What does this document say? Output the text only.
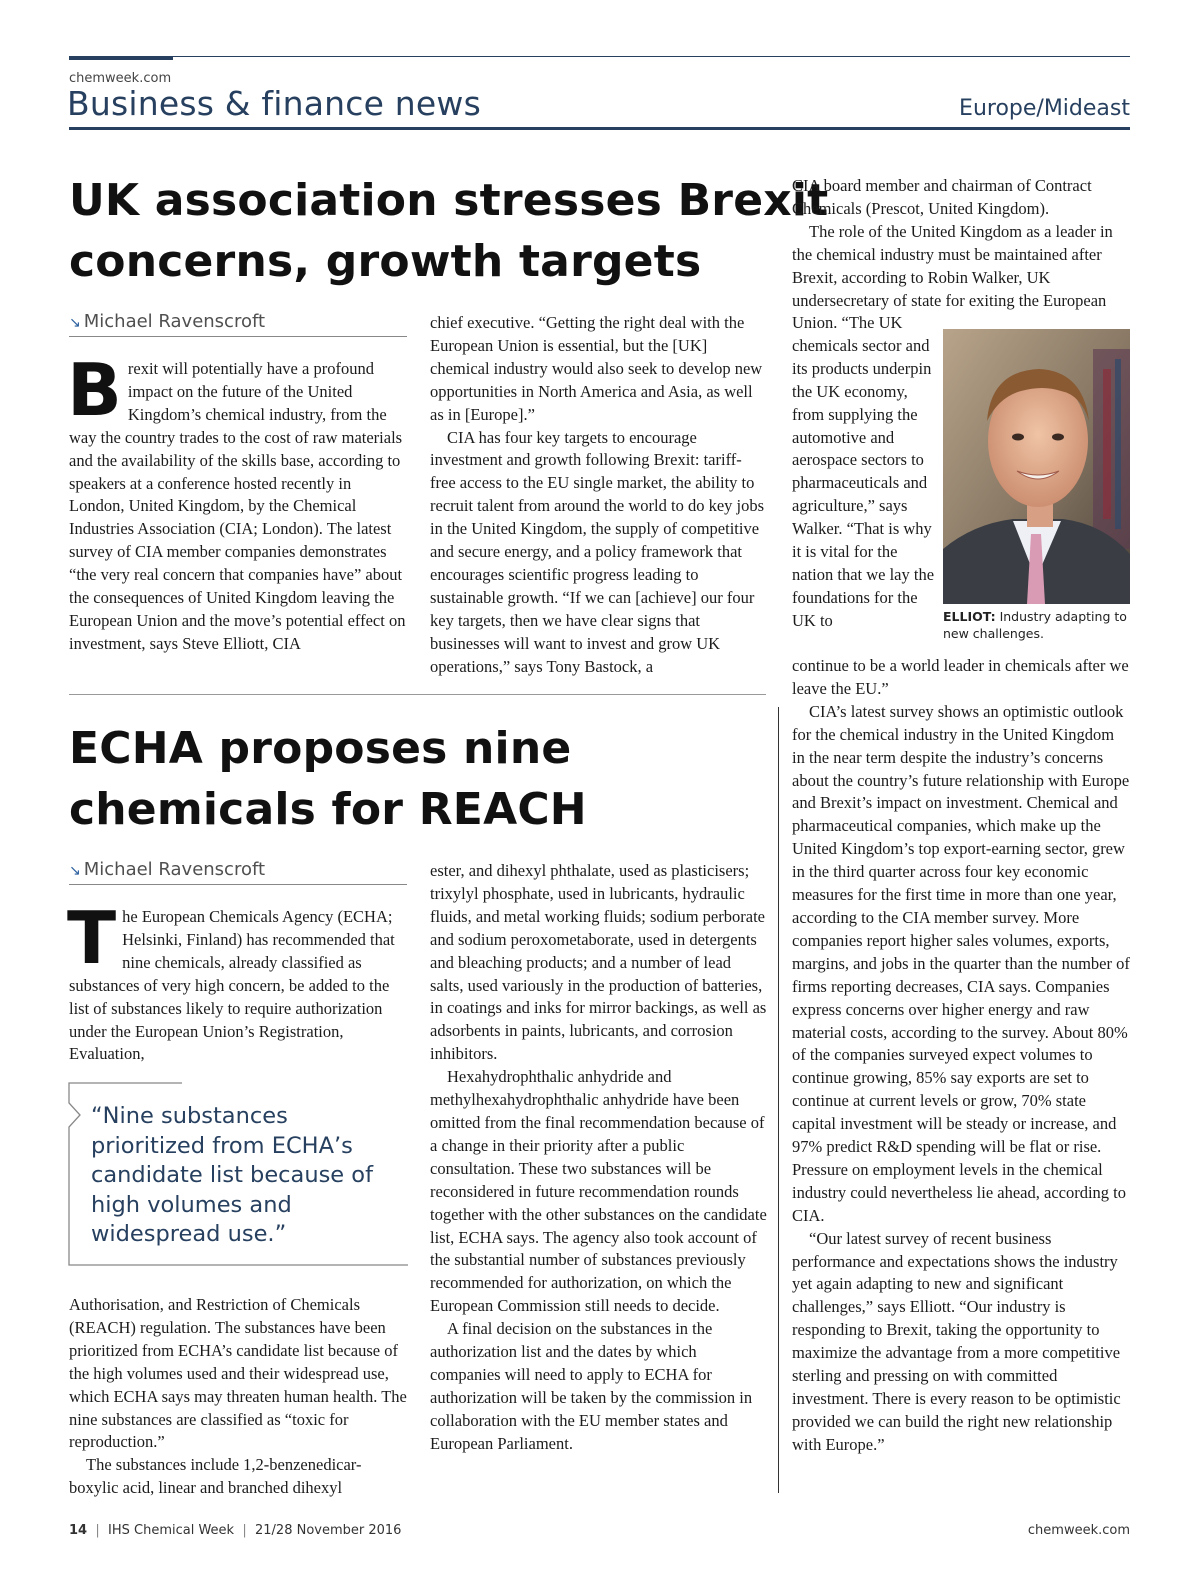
chemweek.com
Business & finance news	Europe/Mideast
UK association stresses Brexit
concerns, growth targets
↘ Michael Ravenscroft

Brexit will potentially have a profound impact on the future of the United Kingdom’s chemical industry, from the way the country trades to the cost of raw materials and the availability of the skills base, according to speakers at a conference hosted recently in London, United Kingdom, by the Chemical Industries Association (CIA; London). The latest survey of CIA member companies demonstrates “the very real concern that companies have” about the consequences of United Kingdom leaving the European Union and the move’s potential effect on investment, says Steve Elliott, CIA

chief executive. “Getting the right deal with the European Union is essential, but the [UK] chemical industry would also seek to develop new opportunities in North America and Asia, as well as in [Europe].”

CIA has four key targets to encourage investment and growth following Brexit: tariff-free access to the EU single market, the ability to recruit talent from around the world to do key jobs in the United Kingdom, the supply of competitive and secure energy, and a policy framework that encourages scientific progress leading to sustainable growth. “If we can [achieve] our four key targets, then we have clear signs that businesses will want to invest and grow UK operations,” says Tony Bastock, a

CIA board member and chairman of Contract Chemicals (Prescot, United Kingdom).

The role of the United Kingdom as a leader in the chemical industry must be maintained after Brexit, according to Robin Walker, UK undersecretary of state for exiting the European

Union. “The UK chemicals sector and its products underpin the UK economy, from supplying the automotive and aerospace sectors to pharmaceuticals and agriculture,” says Walker. “That is why it is vital for the nation that we lay the foundations for the UK to	ELLIOT: Industry adapting to new challenges.

continue to be a world leader in chemicals after we leave the EU.”

CIA’s latest survey shows an optimistic outlook for the chemical industry in the United Kingdom in the near term despite the industry’s concerns about the country’s future relationship with Europe and Brexit’s impact on investment. Chemical and pharmaceutical companies, which make up the United Kingdom’s top export-earning sector, grew in the third quarter across four key economic measures for the first time in more than one year, according to the CIA member survey. More companies report higher sales volumes, exports, margins, and jobs in the quarter than the number of firms reporting decreases, CIA says. Companies express concerns over higher energy and raw material costs, according to the survey. About 80% of the companies surveyed expect volumes to continue growing, 85% say exports are set to continue at current levels or grow, 70% state capital investment will be steady or increase, and 97% predict R&D spending will be flat or rise. Pressure on employment levels in the chemical industry could nevertheless lie ahead, according to CIA.

“Our latest survey of recent business performance and expectations shows the industry yet again adapting to new and significant challenges,” says Elliott. “Our industry is responding to Brexit, taking the opportunity to maximize the advantage from a more competitive sterling and pressing on with committed investment. There is every reason to be optimistic provided we can build the right new relationship with Europe.”

ECHA proposes nine
chemicals for REACH
↘ Michael Ravenscroft

The European Chemicals Agency (ECHA; Helsinki, Finland) has recommended that nine chemicals, already classified as substances of very high concern, be added to the list of substances likely to require authorization under the European Union’s Registration, Evaluation,

“Nine substances prioritized from ECHA’s candidate list because of high volumes and widespread use.”

Authorisation, and Restriction of Chemicals (REACH) regulation. The substances have been prioritized from ECHA’s candidate list because of the high volumes used and their widespread use, which ECHA says may threaten human health. The nine substances are classified as “toxic for reproduction.”

The substances include 1,2-benzenedicar-boxylic acid, linear and branched dihexyl

ester, and dihexyl phthalate, used as plasticisers; trixylyl phosphate, used in lubricants, hydraulic fluids, and metal working fluids; sodium perborate and sodium peroxometaborate, used in detergents and bleaching products; and a number of lead salts, used variously in the production of batteries, in coatings and inks for mirror backings, as well as adsorbents in paints, lubricants, and corrosion inhibitors.

Hexahydrophthalic anhydride and methylhexahydrophthalic anhydride have been omitted from the final recommendation because of a change in their priority after a public consultation. These two substances will be reconsidered in future recommendation rounds together with the other substances on the candidate list, ECHA says. The agency also took account of the substantial number of substances previously recommended for authorization, on which the European Commission still needs to decide.

A final decision on the substances in the authorization list and the dates by which companies will need to apply to ECHA for authorization will be taken by the commission in collaboration with the EU member states and European Parliament.

14  |  IHS Chemical Week  |  21/28 November 2016	chemweek.com
